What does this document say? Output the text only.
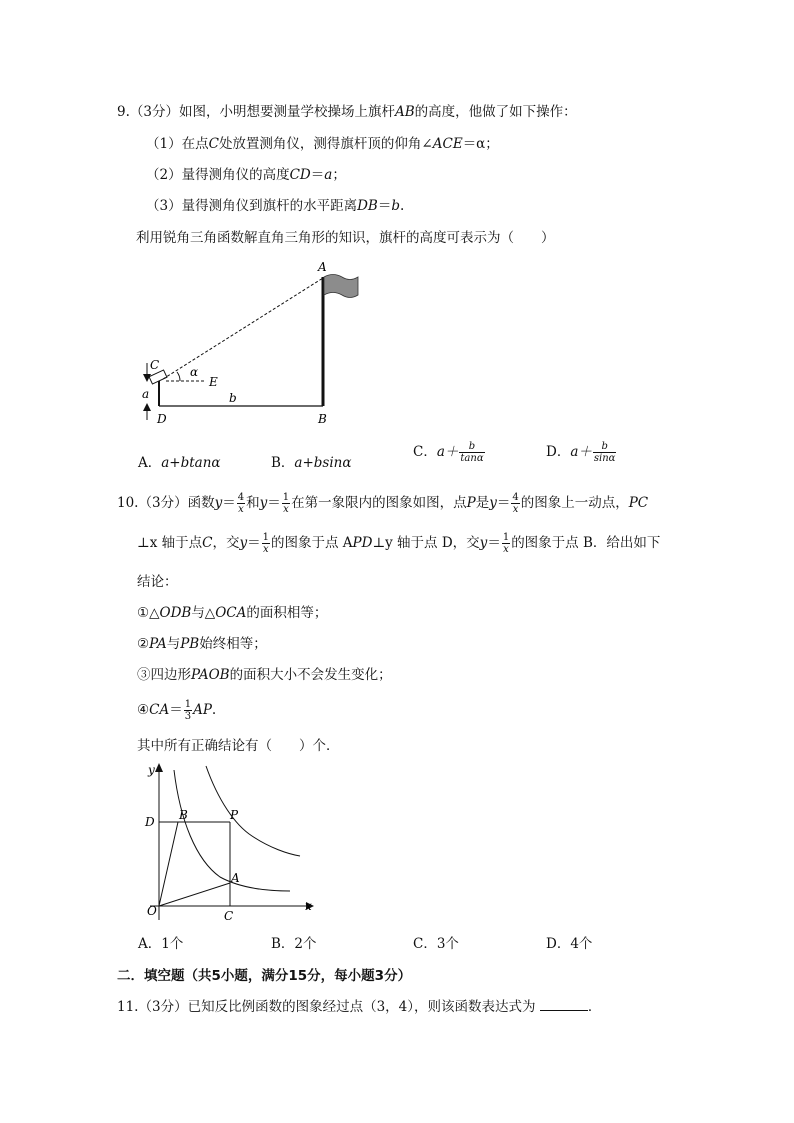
9.（3分）如图，小明想要测量学校操场上旗杆AB的高度，他做了如下操作：
（1）在点C处放置测角仪，测得旗杆顶的仰角∠ACE＝α；
（2）量得测角仪的高度CD＝a；
（3）量得测角仪到旗杆的水平距离DB＝b.
利用锐角三角函数解直角三角形的知识，旗杆的高度可表示为（　　）
A
C	α
E
a	b
D	B
A．a+btanα	B．a+bsinα
C．$a+ \frac{b}{\tan\alpha}$	D．$a+ \frac{b}{\sin\alpha}$
10.（3分）函数$y= \frac{4}{x}$ 和$y= \frac{1}{x}$ 在第一象限内的图象如图，点P是$y= \frac{4}{x}$ 的图象上一动点，PC
⊥x 轴于点C，交$y= \frac{1}{x}$ 的图象于点 APD⊥y 轴于点 D，交$y= \frac{1}{x}$ 的图象于点 B．给出如下
结论：
①△ODB与△OCA的面积相等；
②PA与PB始终相等；
③四边形PAOB的面积大小不会发生变化；
④CA＝ $\frac{1}{3}$ AP.
其中所有正确结论有（　　）个．
y
x
O
D B	P
A
C
A．1个	B．2个	C．3个	D．4个
二．填空题（共5小题，满分15分，每小题3分）
11.（3分）已知反比例函数的图象经过点（3，4），则该函数表达式为	．
